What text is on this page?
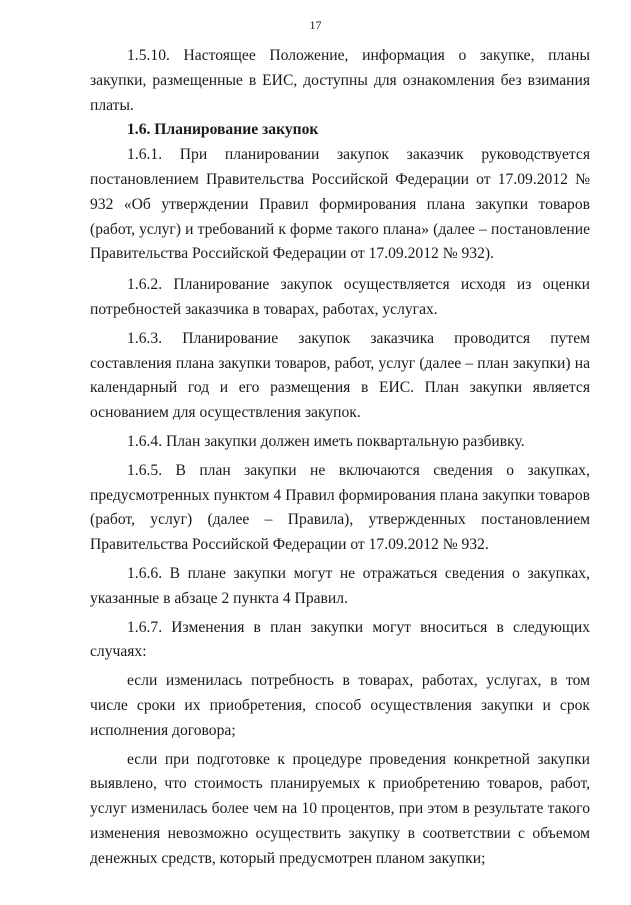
17

1.5.10. Настоящее Положение, информация о закупке, планы закупки, размещенные в ЕИС, доступны для ознакомления без взимания платы.

1.6. Планирование закупок

1.6.1. При планировании закупок заказчик руководствуется постановлением Правительства Российской Федерации от 17.09.2012 № 932 «Об утверждении Правил формирования плана закупки товаров (работ, услуг) и требований к форме такого плана» (далее – постановление Правительства Российской Федерации от 17.09.2012 № 932).

1.6.2. Планирование закупок осуществляется исходя из оценки потребностей заказчика в товарах, работах, услугах.

1.6.3. Планирование закупок заказчика проводится путем составления плана закупки товаров, работ, услуг (далее – план закупки) на календарный год и его размещения в ЕИС. План закупки является основанием для осуществления закупок.

1.6.4. План закупки должен иметь поквартальную разбивку.

1.6.5. В план закупки не включаются сведения о закупках, предусмотренных пунктом 4 Правил формирования плана закупки товаров (работ, услуг) (далее – Правила), утвержденных постановлением Правительства Российской Федерации от 17.09.2012 № 932.

1.6.6. В плане закупки могут не отражаться сведения о закупках, указанные в абзаце 2 пункта 4 Правил.

1.6.7. Изменения в план закупки могут вноситься в следующих случаях:

если изменилась потребность в товарах, работах, услугах, в том числе сроки их приобретения, способ осуществления закупки и срок исполнения договора;

если при подготовке к процедуре проведения конкретной закупки выявлено, что стоимость планируемых к приобретению товаров, работ, услуг изменилась более чем на 10 процентов, при этом в результате такого изменения невозможно осуществить закупку в соответствии с объемом денежных средств, который предусмотрен планом закупки;
